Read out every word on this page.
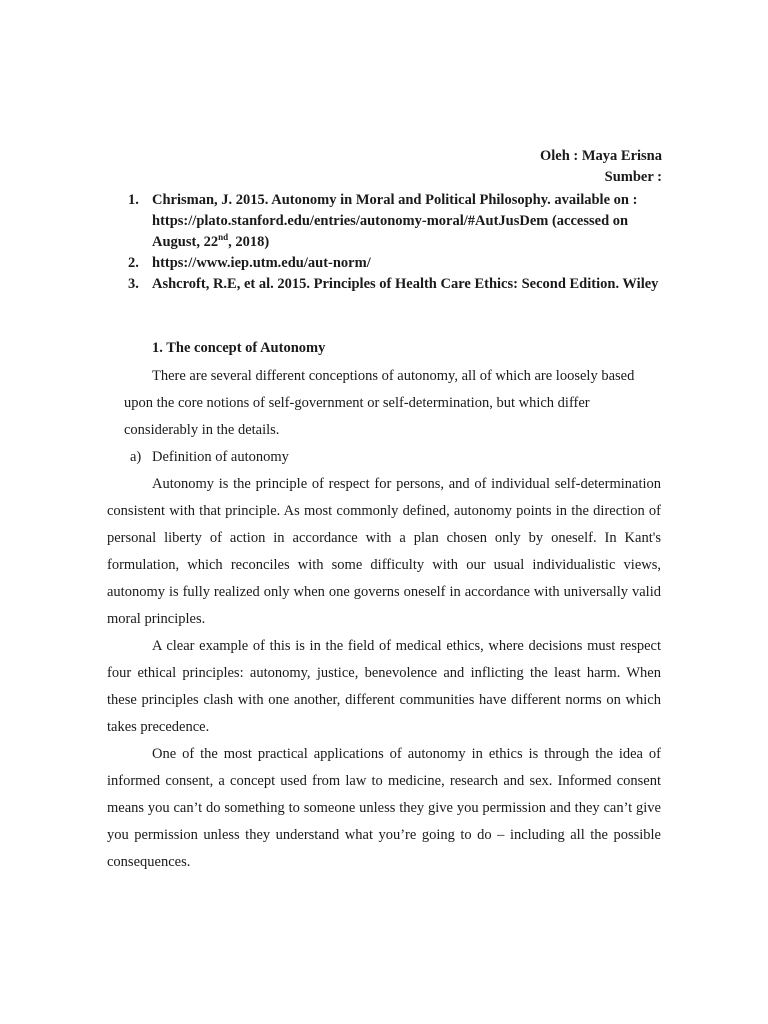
Oleh : Maya Erisna
Sumber :
1. Chrisman, J. 2015. Autonomy in Moral and Political Philosophy. available on : https://plato.stanford.edu/entries/autonomy-moral/#AutJusDem (accessed on August, 22nd, 2018)
2. https://www.iep.utm.edu/aut-norm/
3. Ashcroft, R.E, et al. 2015. Principles of Health Care Ethics: Second Edition. Wiley
1. The concept of Autonomy
There are several different conceptions of autonomy, all of which are loosely based upon the core notions of self-government or self-determination, but which differ considerably in the details.
a) Definition of autonomy

Autonomy is the principle of respect for persons, and of individual self-determination consistent with that principle. As most commonly defined, autonomy points in the direction of personal liberty of action in accordance with a plan chosen only by oneself. In Kant's formulation, which reconciles with some difficulty with our usual individualistic views, autonomy is fully realized only when one governs oneself in accordance with universally valid moral principles.

A clear example of this is in the field of medical ethics, where decisions must respect four ethical principles: autonomy, justice, benevolence and inflicting the least harm. When these principles clash with one another, different communities have different norms on which takes precedence.

One of the most practical applications of autonomy in ethics is through the idea of informed consent, a concept used from law to medicine, research and sex. Informed consent means you can’t do something to someone unless they give you permission and they can’t give you permission unless they understand what you’re going to do – including all the possible consequences.
